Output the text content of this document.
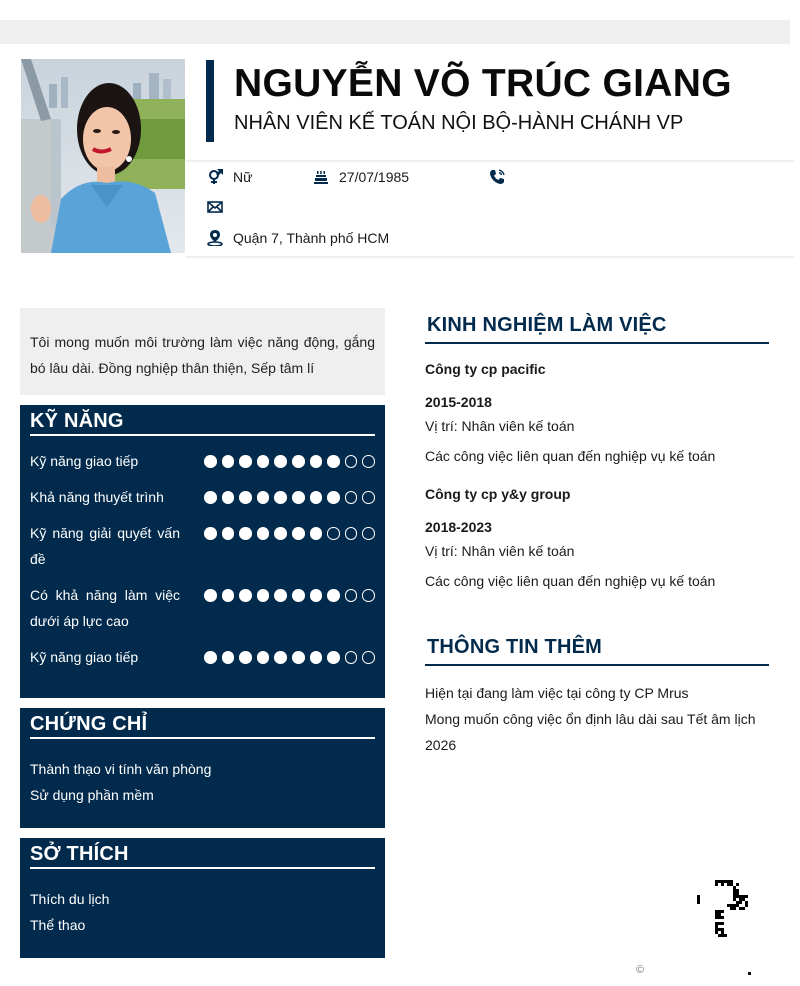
NGUYỄN VÕ TRÚC GIANG
NHÂN VIÊN KẾ TOÁN NỘI BỘ-HÀNH CHÁNH VP
Nữ	27/07/1985
Quận 7, Thành phố HCM
Tôi mong muốn môi trường làm việc năng động, gắng bó lâu dài. Đồng nghiệp thân thiện, Sếp tâm lí
KỸ NĂNG
Kỹ năng giao tiếp
Khả năng thuyết trình
Kỹ năng giải quyết vấn đề
Có khả năng làm việc dưới áp lực cao
Kỹ năng giao tiếp
CHỨNG CHỈ
Thành thạo vi tính văn phòng
Sử dụng phần mềm
SỞ THÍCH
Thích du lịch
Thể thao
KINH NGHIỆM LÀM VIỆC
Công ty cp pacific
2015-2018
Vị trí: Nhân viên kế toán
Các công việc liên quan đến nghiệp vụ kế toán
Công ty cp y&y group
2018-2023
Vị trí: Nhân viên kế toán
Các công việc liên quan đến nghiệp vụ kế toán
THÔNG TIN THÊM
Hiện tại đang làm việc tại công ty CP Mrus
Mong muốn công việc ổn định lâu dài sau Tết âm lịch 2026
©
